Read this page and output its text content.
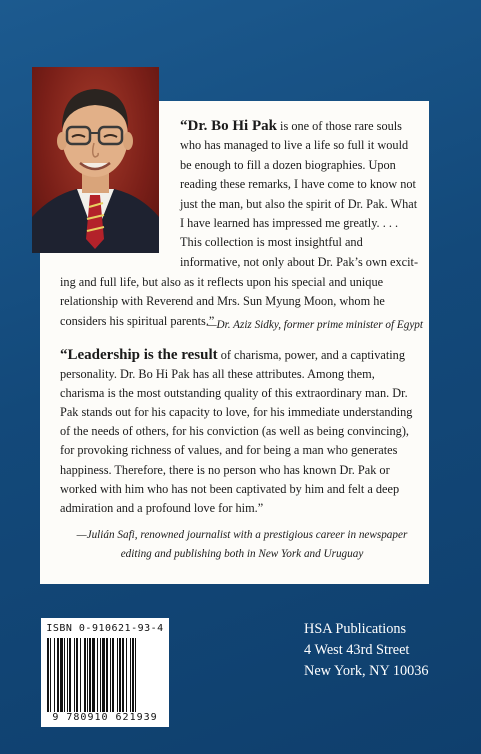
“Dr. Bo Hi Pak is one of those rare souls who has managed to live a life so full it would be enough to fill a dozen biographies. Upon reading these remarks, I have come to know not just the man, but also the spirit of Dr. Pak. What I have learned has impressed me greatly. . . . This collection is most insightful and informative, not only about Dr. Pak’s own excit-
ing and full life, but also as it reflects upon his special and unique relationship with Reverend and Mrs. Sun Myung Moon, whom he considers his spiritual parents.”
—Dr. Aziz Sidky, former prime minister of Egypt
“Leadership is the result of charisma, power, and a captivating personality. Dr. Bo Hi Pak has all these attributes. Among them, charisma is the most outstanding quality of this extraordinary man. Dr. Pak stands out for his capacity to love, for his immediate understanding of the needs of others, for his conviction (as well as being convincing), for provoking richness of values, and for being a man who generates happiness. Therefore, there is no person who has known Dr. Pak or worked with him who has not been captivated by him and felt a deep admiration and a profound love for him.”
—Julián Safi, renowned journalist with a prestigious career in newspaper editing and publishing both in New York and Uruguay
ISBN 0-910621-93-4
9 780910 621939
HSA Publications
4 West 43rd Street
New York, NY 10036
